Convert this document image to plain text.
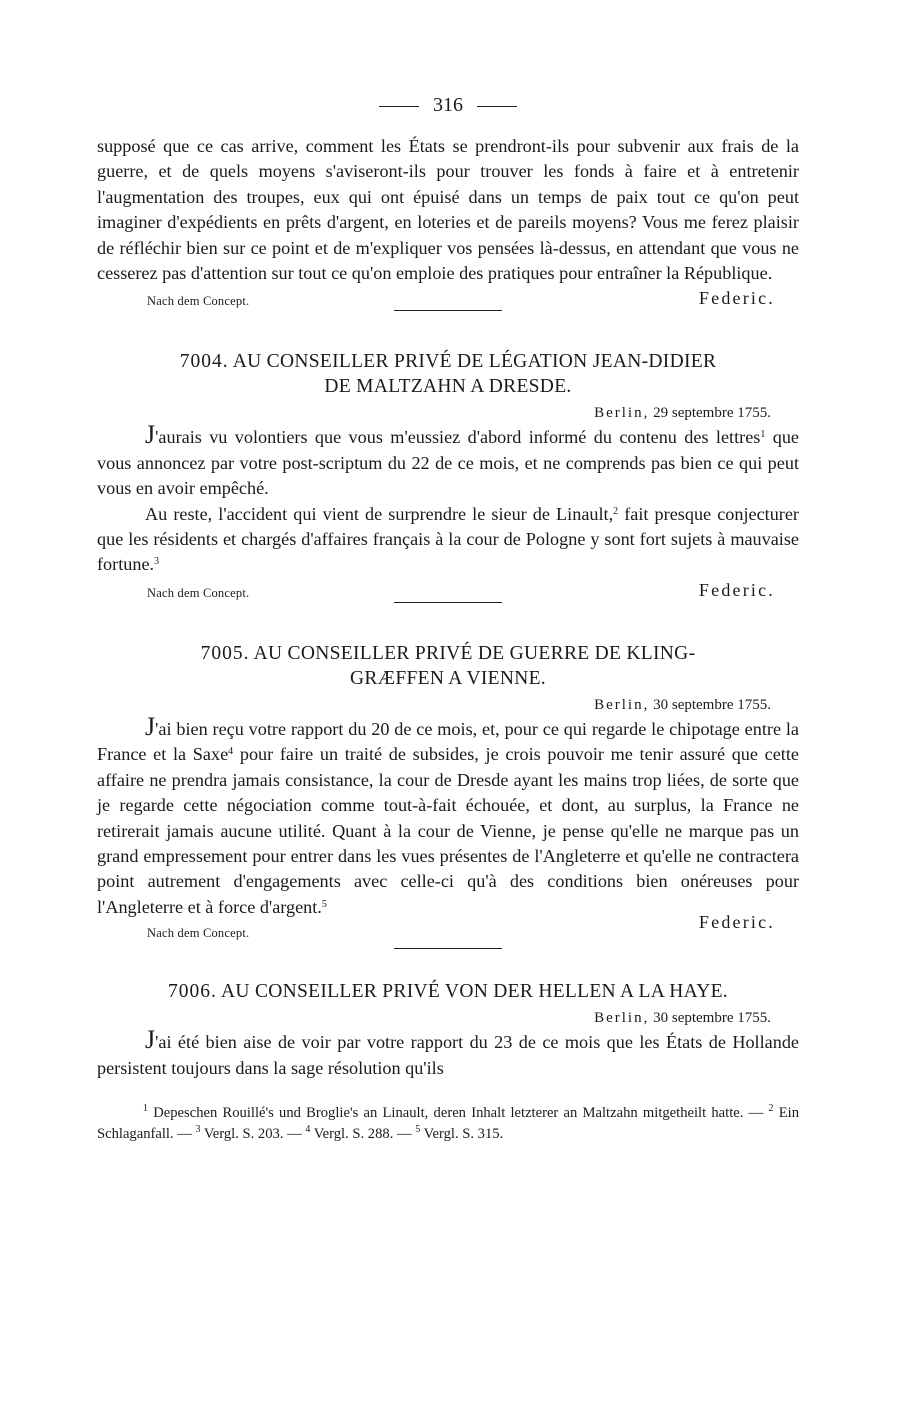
316

supposé que ce cas arrive, comment les États se prendront-ils pour subvenir aux frais de la guerre, et de quels moyens s'aviseront-ils pour trouver les fonds à faire et à entretenir l'augmentation des troupes, eux qui ont épuisé dans un temps de paix tout ce qu'on peut imaginer d'expédients en prêts d'argent, en loteries et de pareils moyens? Vous me ferez plaisir de réfléchir bien sur ce point et de m'expliquer vos pensées là-dessus, en attendant que vous ne cesserez pas d'attention sur tout ce qu'on emploie des pratiques pour entraîner la République.

Nach dem Concept.	Federic.
7004. AU CONSEILLER PRIVÉ DE LÉGATION JEAN-DIDIER
DE MALTZAHN A DRESDE.
Berlin, 29 septembre 1755.

J'aurais vu volontiers que vous m'eussiez d'abord informé du contenu des lettres$^1$ que vous annoncez par votre post-scriptum du 22 de ce mois, et ne comprends pas bien ce qui peut vous en avoir empêché.

Au reste, l'accident qui vient de surprendre le sieur de Linault,$^2$ fait presque conjecturer que les résidents et chargés d'affaires français à la cour de Pologne y sont fort sujets à mauvaise fortune.$^3$

Nach dem Concept.	Federic.
7005. AU CONSEILLER PRIVÉ DE GUERRE DE KLING-
GRÆFFEN A VIENNE.
Berlin, 30 septembre 1755.

J'ai bien reçu votre rapport du 20 de ce mois, et, pour ce qui regarde le chipotage entre la France et la Saxe$^4$ pour faire un traité de subsides, je crois pouvoir me tenir assuré que cette affaire ne prendra jamais consistance, la cour de Dresde ayant les mains trop liées, de sorte que je regarde cette négociation comme tout-à-fait échouée, et dont, au surplus, la France ne retirerait jamais aucune utilité. Quant à la cour de Vienne, je pense qu'elle ne marque pas un grand empressement pour entrer dans les vues présentes de l'Angleterre et qu'elle ne contractera point autrement d'engagements avec celle-ci qu'à des conditions bien onéreuses pour l'Angleterre et à force d'argent.$^5$

Nach dem Concept.
Federic.
7006. AU CONSEILLER PRIVÉ VON DER HELLEN A LA HAYE.
Berlin, 30 septembre 1755.

J'ai été bien aise de voir par votre rapport du 23 de ce mois que les États de Hollande persistent toujours dans la sage résolution qu'ils

$^1$ Depeschen Rouillé's und Broglie's an Linault, deren Inhalt letzterer an Maltzahn mitgetheilt hatte. — $^2$ Ein Schlaganfall. — $^3$ Vergl. S. 203. — $^4$ Vergl. S. 288. — $^5$ Vergl. S. 315.
